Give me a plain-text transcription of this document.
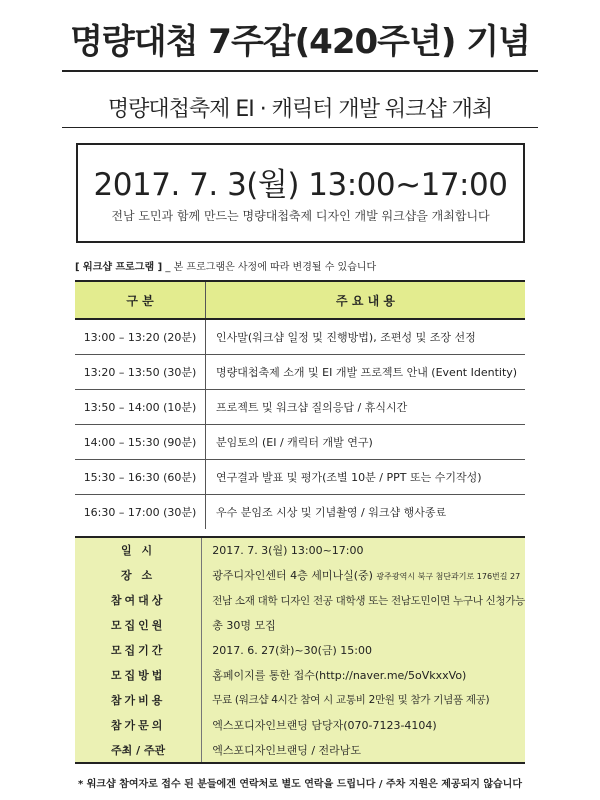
명량대첩 7주갑(420주년) 기념
명량대첩축제 EI · 캐릭터 개발 워크샵 개최
2017. 7. 3(월) 13:00~17:00
전남 도민과 함께 만드는 명량대첩축제 디자인 개발 워크샵을 개최합니다
[ 워크샵 프로그램 ] _ 본 프로그램은 사정에 따라 변경될 수 있습니다
구 분	주 요 내 용
13:00 – 13:20 (20분)	인사말(워크샵 일정 및 진행방법), 조편성 및 조장 선정
13:20 – 13:50 (30분)	명량대첩축제 소개 및 EI 개발 프로젝트 안내 (Event Identity)
13:50 – 14:00 (10분)	프로젝트 및 워크샵 질의응답 / 휴식시간
14:00 – 15:30 (90분)	분임토의 (EI / 캐릭터 개발 연구)
15:30 – 16:30 (60분)	연구결과 발표 및 평가(조별 10분 / PPT 또는 수기작성)
16:30 – 17:00 (30분)	우수 분임조 시상 및 기념촬영 / 워크샵 행사종료
일 시	2017. 7. 3(월) 13:00~17:00
장 소	광주디자인센터 4층 세미나실(중) 광주광역시 북구 첨단과기로 176번길 27
참여대상	전남 소재 대학 디자인 전공 대학생 또는 전남도민이면 누구나 신청가능
모집인원	총 30명 모집
모집기간	2017. 6. 27(화)~30(금) 15:00
모집방법	홈페이지를 통한 접수(http://naver.me/5oVkxxVo)
참가비용	무료 (워크샵 4시간 참여 시 교통비 2만원 및 참가 기념품 제공)
참가문의	엑스포디자인브랜딩 담당자(070-7123-4104)
주최 / 주관	엑스포디자인브랜딩 / 전라남도
* 워크샵 참여자로 접수 된 분들에겐 연락처로 별도 연락을 드립니다 / 주차 지원은 제공되지 않습니다
